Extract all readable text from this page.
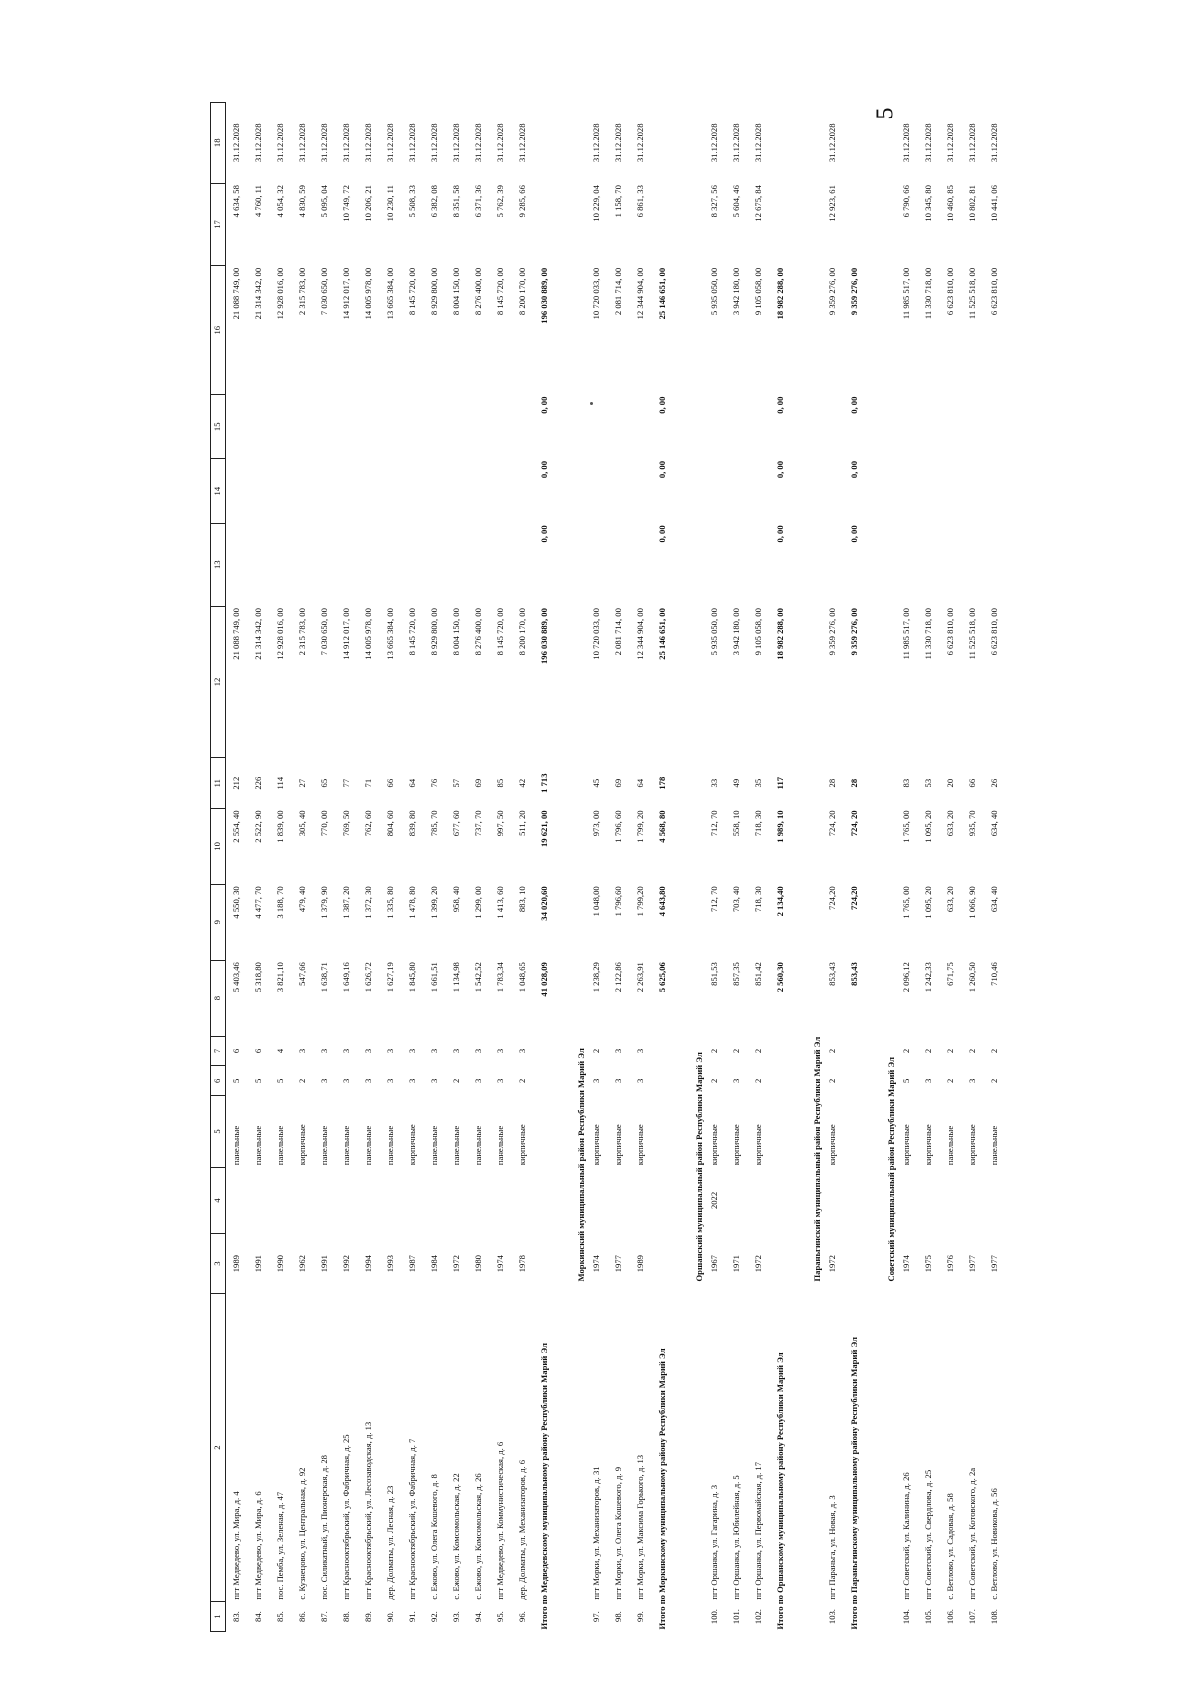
5
1	2	3	4	5	6	7	8	9	10	11	12	13	14	15	16	17	18
83.	пгт Медведево, ул. Мира, д. 4	1989		панельные	5	6	5 403,46	4 550, 30	2 554, 40	212	21 088 749, 00				21 088 749, 00	4 634, 58	31.12.2028
84.	пгт Медведево, ул. Мира, д. 6	1991		панельные	5	6	5 318,80	4 477, 70	2 522, 90	226	21 314 342, 00				21 314 342, 00	4 760, 11	31.12.2028
85.	пос. Пемба, ул. Зеленая, д. 47	1990		панельные	5	4	3 821,10	3 188, 70	1 839, 00	114	12 928 016, 00				12 928 016, 00	4 054, 32	31.12.2028
86.	с. Кузнецово, ул. Центральная, д. 92	1962		кирпичные	2	3	547,66	479, 40	305, 40	27	2 315 783, 00				2 315 783, 00	4 830, 59	31.12.2028
87.	пос. Силикатный, ул. Пионерская, д. 28	1991		панельные	3	3	1 638,71	1 379, 90	770, 00	65	7 030 650, 00				7 030 650, 00	5 095, 04	31.12.2028
88.	пгт Краснооктябрьский, ул. Фабричная, д. 25	1992		панельные	3	3	1 649,16	1 387, 20	769, 50	77	14 912 017, 00				14 912 017, 00	10 749, 72	31.12.2028
89.	пгт Краснооктябрьский, ул. Лесозаводская, д. 13	1994		панельные	3	3	1 626,72	1 372, 30	762, 60	71	14 005 978, 00				14 005 978, 00	10 206, 21	31.12.2028
90.	дер. Долматы, ул. Лесная, д. 23	1993		панельные	3	3	1 627,19	1 335, 80	804, 60	66	13 665 384, 00				13 665 384, 00	10 230, 11	31.12.2028
91.	пгт Краснооктябрьский, ул. Фабричная, д. 7	1987		кирпичные	3	3	1 845,80	1 478, 80	839, 80	64	8 145 720, 00				8 145 720, 00	5 508, 33	31.12.2028
92.	с. Ежово, ул. Олега Кошевого, д. 8	1984		панельные	3	3	1 661,51	1 399, 20	785, 70	76	8 929 800, 00				8 929 800, 00	6 382, 08	31.12.2028
93.	с. Ежово, ул. Комсомольская, д. 22	1972		панельные	2	3	1 134,98	958, 40	677, 60	57	8 004 150, 00				8 004 150, 00	8 351, 58	31.12.2028
94.	с. Ежово, ул. Комсомольская, д. 26	1980		панельные	3	3	1 542,52	1 299, 00	737, 70	69	8 276 400, 00				8 276 400, 00	6 371, 36	31.12.2028
95.	пгт Медведево, ул. Коммунистическая, д. 6	1974		панельные	3	3	1 783,34	1 413, 60	997, 50	85	8 145 720, 00				8 145 720, 00	5 762, 39	31.12.2028
96.	дер. Долматы, ул. Механизаторов, д. 6	1978		кирпичные	2	3	1 048,65	883, 10	511, 20	42	8 200 170, 00				8 200 170, 00	9 285, 66	31.12.2028
Итого по Медведевскому муниципальному району Республики Марий Эл							41 028,09	34 020,60	19 621, 00	1 713	196 030 889, 00	0, 00	0, 00	0, 00	196 030 889, 00		
Моркинский муниципальный район Республики Марий Эл																	
97.	пгт Морки, ул. Механизаторов, д. 31	1974		кирпичные	3	2	1 238,29	1 048,00	973, 00	45	10 720 033, 00				10 720 033, 00	10 229, 04	31.12.2028
98.	пгт Морки, ул. Олега Кошевого, д. 9	1977		кирпичные	3	3	2 122,86	1 796,60	1 796, 60	69	2 081 714, 00				2 081 714, 00	1 158, 70	31.12.2028
99.	пгт Морки, ул. Максима Горького, д. 13	1989		кирпичные	3	3	2 263,91	1 799,20	1 799, 20	64	12 344 904, 00				12 344 904, 00	6 861, 33	31.12.2028
Итого по Моркинскому муниципальному району Республики Марий Эл							5 625,06	4 643,80	4 568, 80	178	25 146 651, 00	0, 00	0, 00	0, 00	25 146 651, 00		
Оршанский муниципальный район Республики Марий Эл																	
100.	пгт Оршанка, ул. Гагарина, д. 3	1967	2022	кирпичные	2	2	851,53	712, 70	712, 70	33	5 935 050, 00				5 935 050, 00	8 327, 56	31.12.2028
101.	пгт Оршанка, ул. Юбилейная, д. 5	1971		кирпичные	3	2	857,35	703, 40	558, 10	49	3 942 180, 00				3 942 180, 00	5 604, 46	31.12.2028
102.	пгт Оршанка, ул. Первомайская, д. 17	1972		кирпичные	2	2	851,42	718, 30	718, 30	35	9 105 058, 00				9 105 058, 00	12 675, 84	31.12.2028
Итого по Оршанскому муниципальному району Республики Марий Эл							2 560,30	2 134,40	1 989, 10	117	18 982 288, 00	0, 00	0, 00	0, 00	18 982 288, 00		
Параньгинский муниципальный район Республики Марий Эл																	
103.	пгт Параньга, ул. Новая, д. 3	1972		кирпичные	2	2	853,43	724,20	724, 20	28	9 359 276, 00				9 359 276, 00	12 923, 61	31.12.2028
Итого по Параньгинскому муниципальному району Республики Марий Эл							853,43	724,20	724, 20	28	9 359 276, 00	0, 00	0, 00	0, 00	9 359 276, 00		
Советский муниципальный район Республики Марий Эл																	
104.	пгт Советский, ул. Калинина, д. 26	1974		кирпичные	5	2	2 096,12	1 765, 00	1 765, 00	83	11 985 517, 00				11 985 517, 00	6 790, 66	31.12.2028
105.	пгт Советский, ул. Свердлова, д. 25	1975		кирпичные	3	2	1 242,33	1 095, 20	1 095, 20	53	11 330 718, 00				11 330 718, 00	10 345, 80	31.12.2028
106.	с. Ветлово, ул. Садовая, д. 58	1976		панельные	2	2	671,75	633, 20	633, 20	20	6 623 810, 00				6 623 810, 00	10 460, 85	31.12.2028
107.	пгт Советский, ул. Котовского, д. 2а	1977		кирпичные	3	2	1 260,50	1 066, 90	935, 70	66	11 525 518, 00				11 525 518, 00	10 802, 81	31.12.2028
108.	с. Ветлово, ул. Новикова, д. 56	1977		панельные	2	2	710,46	634, 40	634, 40	26	6 623 810, 00				6 623 810, 00	10 441, 06	31.12.2028
